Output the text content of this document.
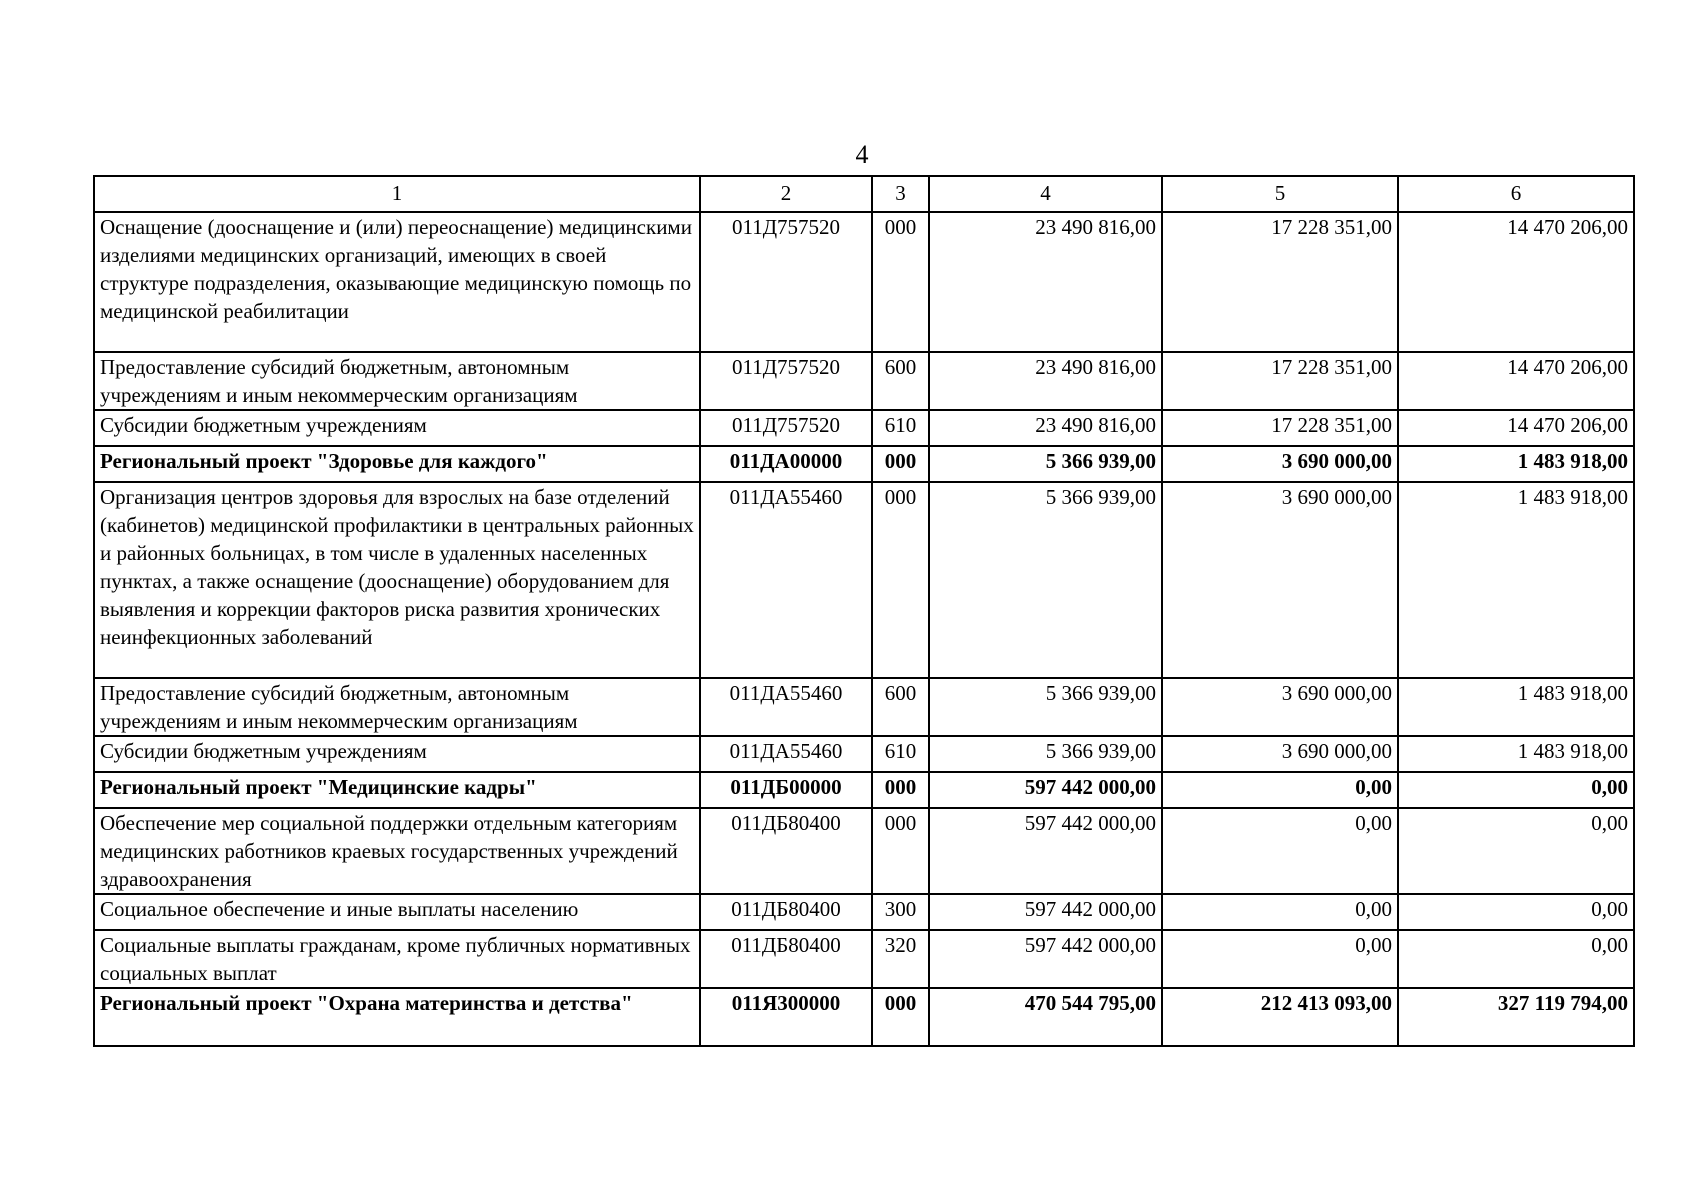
4
1	2	3	4	5	6
Оснащение (дооснащение и (или) переоснащение) медицинскими изделиями медицинских организаций, имеющих в своей структуре подразделения, оказывающие медицинскую помощь по медицинской реабилитации	011Д757520	000	23 490 816,00	17 228 351,00	14 470 206,00
Предоставление субсидий бюджетным, автономным учреждениям и иным некоммерческим организациям	011Д757520	600	23 490 816,00	17 228 351,00	14 470 206,00
Субсидии бюджетным учреждениям	011Д757520	610	23 490 816,00	17 228 351,00	14 470 206,00
Региональный проект "Здоровье для каждого"	011ДА00000	000	5 366 939,00	3 690 000,00	1 483 918,00
Организация центров здоровья для взрослых на базе отделений (кабинетов) медицинской профилактики в центральных районных и районных больницах, в том числе в удаленных населенных пунктах, а также оснащение (дооснащение) оборудованием для выявления и коррекции факторов риска развития хронических неинфекционных заболеваний	011ДА55460	000	5 366 939,00	3 690 000,00	1 483 918,00
Предоставление субсидий бюджетным, автономным учреждениям и иным некоммерческим организациям	011ДА55460	600	5 366 939,00	3 690 000,00	1 483 918,00
Субсидии бюджетным учреждениям	011ДА55460	610	5 366 939,00	3 690 000,00	1 483 918,00
Региональный проект "Медицинские кадры"	011ДБ00000	000	597 442 000,00	0,00	0,00
Обеспечение мер социальной поддержки отдельным категориям медицинских работников краевых государственных учреждений здравоохранения	011ДБ80400	000	597 442 000,00	0,00	0,00
Социальное обеспечение и иные выплаты населению	011ДБ80400	300	597 442 000,00	0,00	0,00
Социальные выплаты гражданам, кроме публичных нормативных социальных выплат	011ДБ80400	320	597 442 000,00	0,00	0,00
Региональный проект "Охрана материнства и детства"	011Я300000	000	470 544 795,00	212 413 093,00	327 119 794,00
